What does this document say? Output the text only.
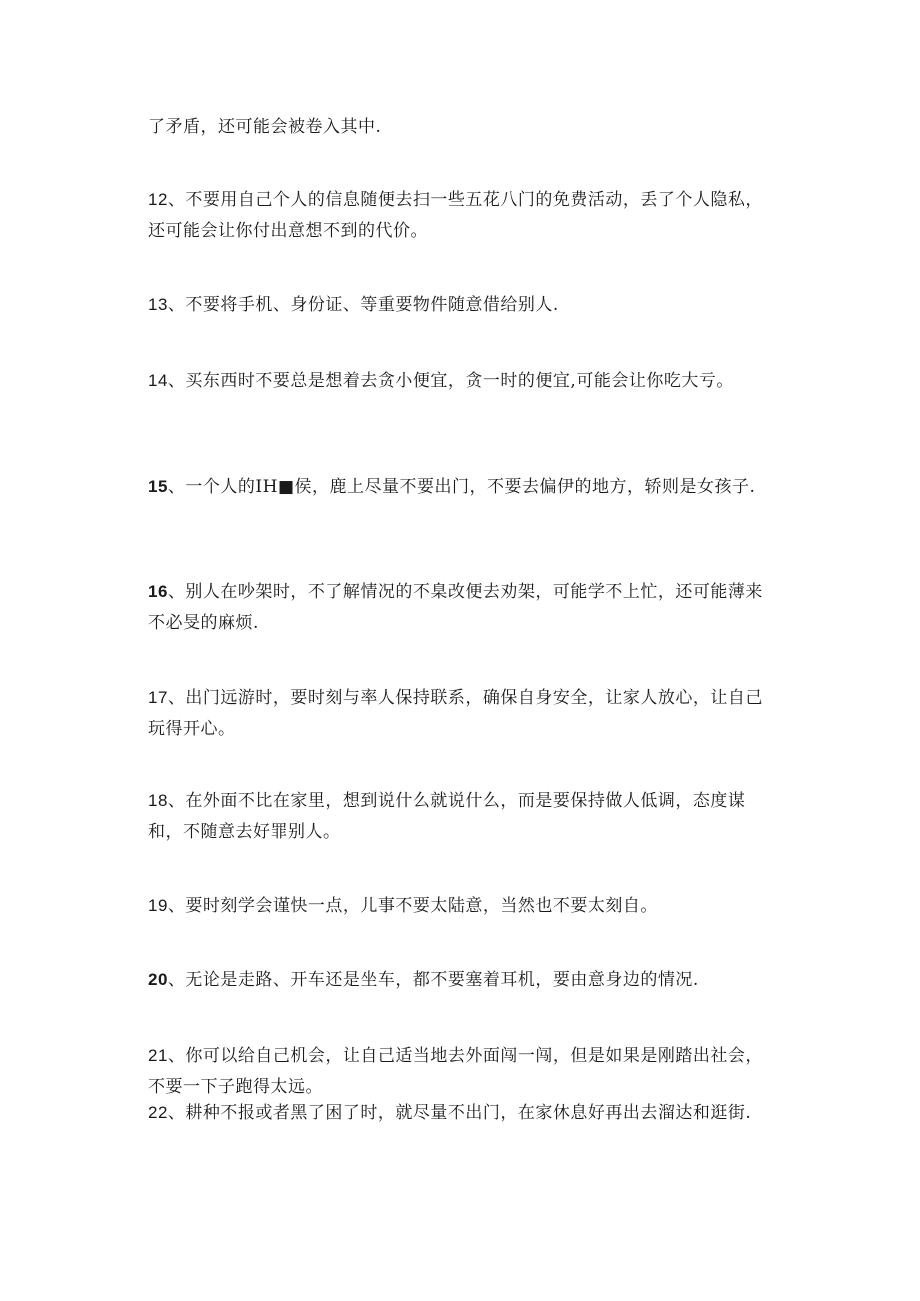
了矛盾，还可能会被卷入其中.

12、不要用自己个人的信息随便去扫一些五花八门的免费活动，丢了个人隐私，还可能会让你付出意想不到的代价。

13、不要将手机、身份证、等重要物件随意借给别人.

14、买东西时不要总是想着去贪小便宜，贪一时的便宜,可能会让你吃大亏。

15、一个人的IH■侯，鹿上尽量不要出门，不要去偏伊的地方，轿则是女孩子.

16、别人在吵架时，不了解情况的不臬改便去劝架，可能学不上忙，还可能薄来不必旻的麻烦.

17、出门远游时，要时刻与率人保持联系，确保自身安全，让家人放心，让自己玩得开心。

18、在外面不比在家里，想到说什么就说什么，而是要保持做人低调，态度谋和，不随意去好罪别人。

19、要时刻学会谨快一点，儿事不要太陆意，当然也不要太刻自。

20、无论是走路、开车还是坐车，都不要塞着耳机，要由意身边的情况.

21、你可以给自己机会，让自己适当地去外面闯一闯，但是如果是刚踏出社会，不要一下子跑得太远。

22、耕种不报或者黑了困了时，就尽量不出门，在家休息好再出去溜达和逛街.
